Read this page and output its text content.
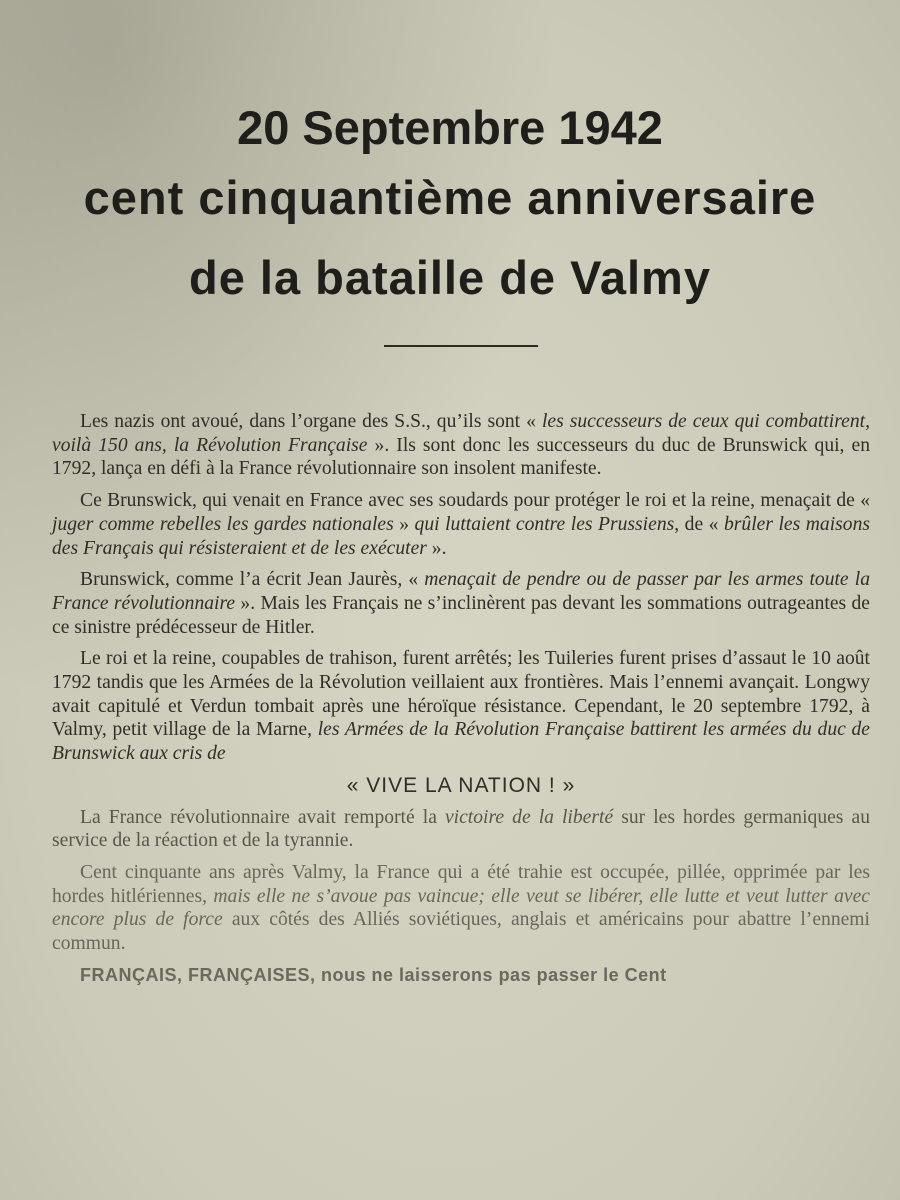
20 Septembre 1942
cent cinquantième anniversaire
de la bataille de Valmy

Les nazis ont avoué, dans l’organe des S.S., qu’ils sont « les successeurs de ceux qui combattirent, voilà 150 ans, la Révolution Française ». Ils sont donc les successeurs du duc de Brunswick qui, en 1792, lança en défi à la France révolutionnaire son insolent manifeste.

Ce Brunswick, qui venait en France avec ses soudards pour protéger le roi et la reine, menaçait de « juger comme rebelles les gardes nationales » qui luttaient contre les Prussiens, de « brûler les maisons des Français qui résisteraient et de les exécuter ».

Brunswick, comme l’a écrit Jean Jaurès, « menaçait de pendre ou de passer par les armes toute la France révolutionnaire ». Mais les Français ne s’inclinèrent pas devant les sommations outrageantes de ce sinistre prédécesseur de Hitler.

Le roi et la reine, coupables de trahison, furent arrêtés; les Tuileries furent prises d’assaut le 10 août 1792 tandis que les Armées de la Révolution veillaient aux frontières. Mais l’ennemi avançait. Longwy avait capitulé et Verdun tombait après une héroïque résistance. Cependant, le 20 septembre 1792, à Valmy, petit village de la Marne, les Armées de la Révolution Française battirent les armées du duc de Brunswick aux cris de

« VIVE LA NATION ! »

La France révolutionnaire avait remporté la victoire de la liberté sur les hordes germaniques au service de la réaction et de la tyrannie.

Cent cinquante ans après Valmy, la France qui a été trahie est occupée, pillée, opprimée par les hordes hitlériennes, mais elle ne s’avoue pas vaincue; elle veut se libérer, elle lutte et veut lutter avec encore plus de force aux côtés des Alliés soviétiques, anglais et américains pour abattre l’ennemi commun.

FRANÇAIS, FRANÇAISES, nous ne laisserons pas passer le Cent
